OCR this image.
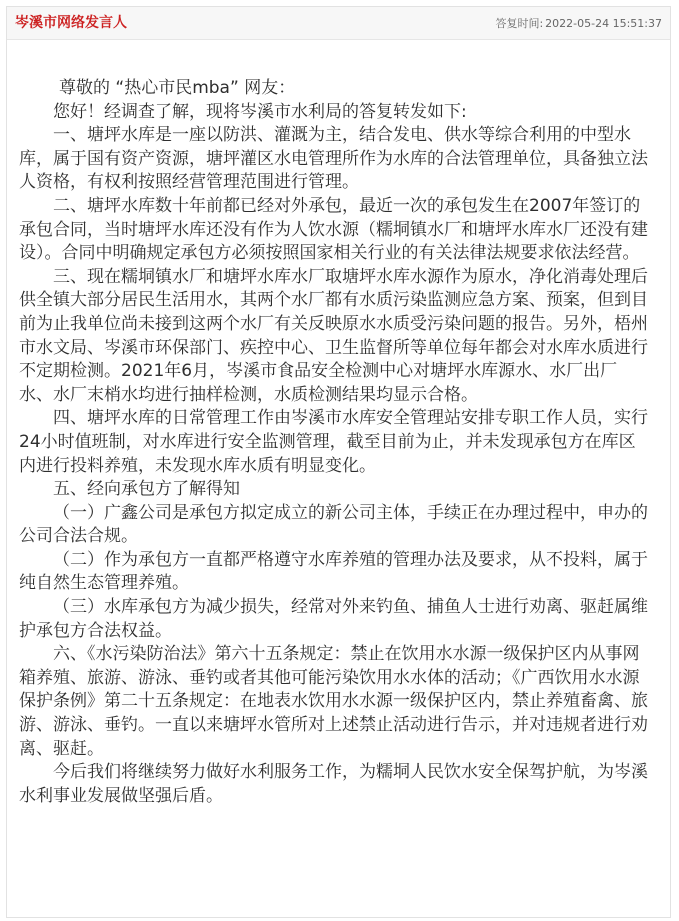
岑溪市网络发言人	答复时间: 2022-05-24 15:51:37

尊敬的 “热心市民mba” 网友：

您好！经调查了解，现将岑溪市水利局的答复转发如下:

一、塘坪水库是一座以防洪、灌溉为主，结合发电、供水等综合利用的中型水库，属于国有资产资源，塘坪灌区水电管理所作为水库的合法管理单位，具备独立法人资格，有权利按照经营管理范围进行管理。

二、塘坪水库数十年前都已经对外承包，最近一次的承包发生在2007年签订的承包合同，当时塘坪水库还没有作为人饮水源（糯垌镇水厂和塘坪水库水厂还没有建设）。合同中明确规定承包方必须按照国家相关行业的有关法律法规要求依法经营。

三、现在糯垌镇水厂和塘坪水库水厂取塘坪水库水源作为原水，净化消毒处理后供全镇大部分居民生活用水，其两个水厂都有水质污染监测应急方案、预案，但到目前为止我单位尚未接到这两个水厂有关反映原水水质受污染问题的报告。另外，梧州市水文局、岑溪市环保部门、疾控中心、卫生监督所等单位每年都会对水库水质进行不定期检测。2021年6月，岑溪市食品安全检测中心对塘坪水库源水、水厂出厂水、水厂末梢水均进行抽样检测，水质检测结果均显示合格。

四、塘坪水库的日常管理工作由岑溪市水库安全管理站安排专职工作人员，实行24小时值班制，对水库进行安全监测管理，截至目前为止，并未发现承包方在库区内进行投料养殖，未发现水库水质有明显变化。

五、经向承包方了解得知

（一）广鑫公司是承包方拟定成立的新公司主体，手续正在办理过程中，申办的公司合法合规。

（二）作为承包方一直都严格遵守水库养殖的管理办法及要求，从不投料，属于纯自然生态管理养殖。

（三）水库承包方为减少损失，经常对外来钓鱼、捕鱼人士进行劝离、驱赶属维护承包方合法权益。

六、《水污染防治法》第六十五条规定：禁止在饮用水水源一级保护区内从事网箱养殖、旅游、游泳、垂钓或者其他可能污染饮用水水体的活动；《广西饮用水水源保护条例》第二十五条规定：在地表水饮用水水源一级保护区内，禁止养殖畜禽、旅游、游泳、垂钓。一直以来塘坪水管所对上述禁止活动进行告示，并对违规者进行劝离、驱赶。

今后我们将继续努力做好水利服务工作，为糯垌人民饮水安全保驾护航，为岑溪水利事业发展做坚强后盾。
